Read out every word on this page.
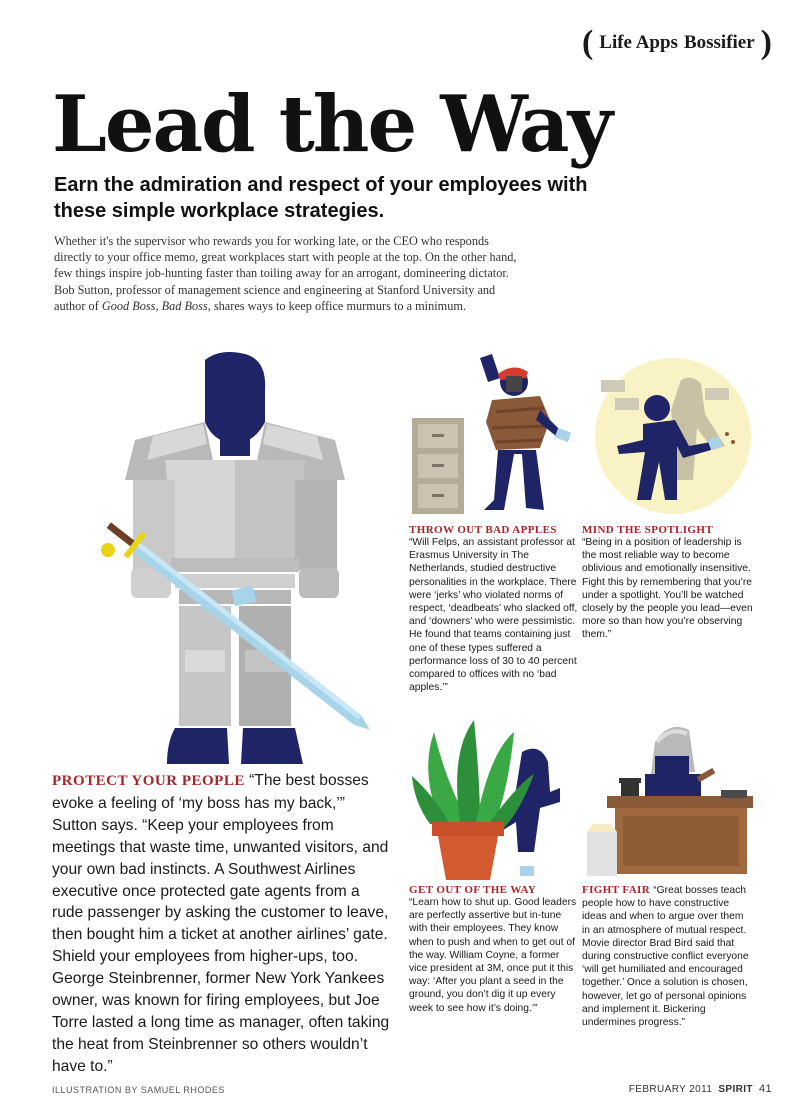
( Life Apps Bossifier )
Lead the Way
Earn the admiration and respect of your employees with these simple workplace strategies.
Whether it's the supervisor who rewards you for working late, or the CEO who responds directly to your office memo, great workplaces start with people at the top. On the other hand, few things inspire job-hunting faster than toiling away for an arrogant, domineering dictator. Bob Sutton, professor of management science and engineering at Stanford University and author of Good Boss, Bad Boss, shares ways to keep office murmurs to a minimum.
THROW OUT BAD APPLES
“Will Felps, an assistant professor at Erasmus University in The Netherlands, studied destructive personalities in the workplace. There were ‘jerks’ who violated norms of respect, ‘deadbeats’ who slacked off, and ‘downers’ who were pessimistic. He found that teams containing just one of these types suffered a performance loss of 30 to 40 percent compared to offices with no ‘bad apples.’”
MIND THE SPOTLIGHT
“Being in a position of leadership is the most reliable way to become oblivious and emotionally insensitive. Fight this by remembering that you’re under a spotlight. You’ll be watched closely by the people you lead—even more so than how you’re observing them.”
GET OUT OF THE WAY
“Learn how to shut up. Good leaders are perfectly assertive but in-tune with their employees. They know when to push and when to get out of the way. William Coyne, a former vice president at 3M, once put it this way: ‘After you plant a seed in the ground, you don’t dig it up every week to see how it’s doing.’”
FIGHT FAIR “Great bosses teach people how to have constructive ideas and when to argue over them in an atmosphere of mutual respect. Movie director Brad Bird said that during constructive conflict everyone ‘will get humiliated and encouraged together.’ Once a solution is chosen, however, let go of personal opinions and implement it. Bickering undermines progress.”
PROTECT YOUR PEOPLE “The best bosses evoke a feeling of ‘my boss has my back,’” Sutton says. “Keep your employees from meetings that waste time, unwanted visitors, and your own bad instincts. A Southwest Airlines executive once protected gate agents from a rude passenger by asking the customer to leave, then bought him a ticket at another airlines’ gate. Shield your employees from higher-ups, too. George Steinbrenner, former New York Yankees owner, was known for firing employees, but Joe Torre lasted a long time as manager, often taking the heat from Steinbrenner so others wouldn’t have to.”
ILLUSTRATION BY SAMUEL RHODES	FEBRUARY 2011 SPIRIT 41
